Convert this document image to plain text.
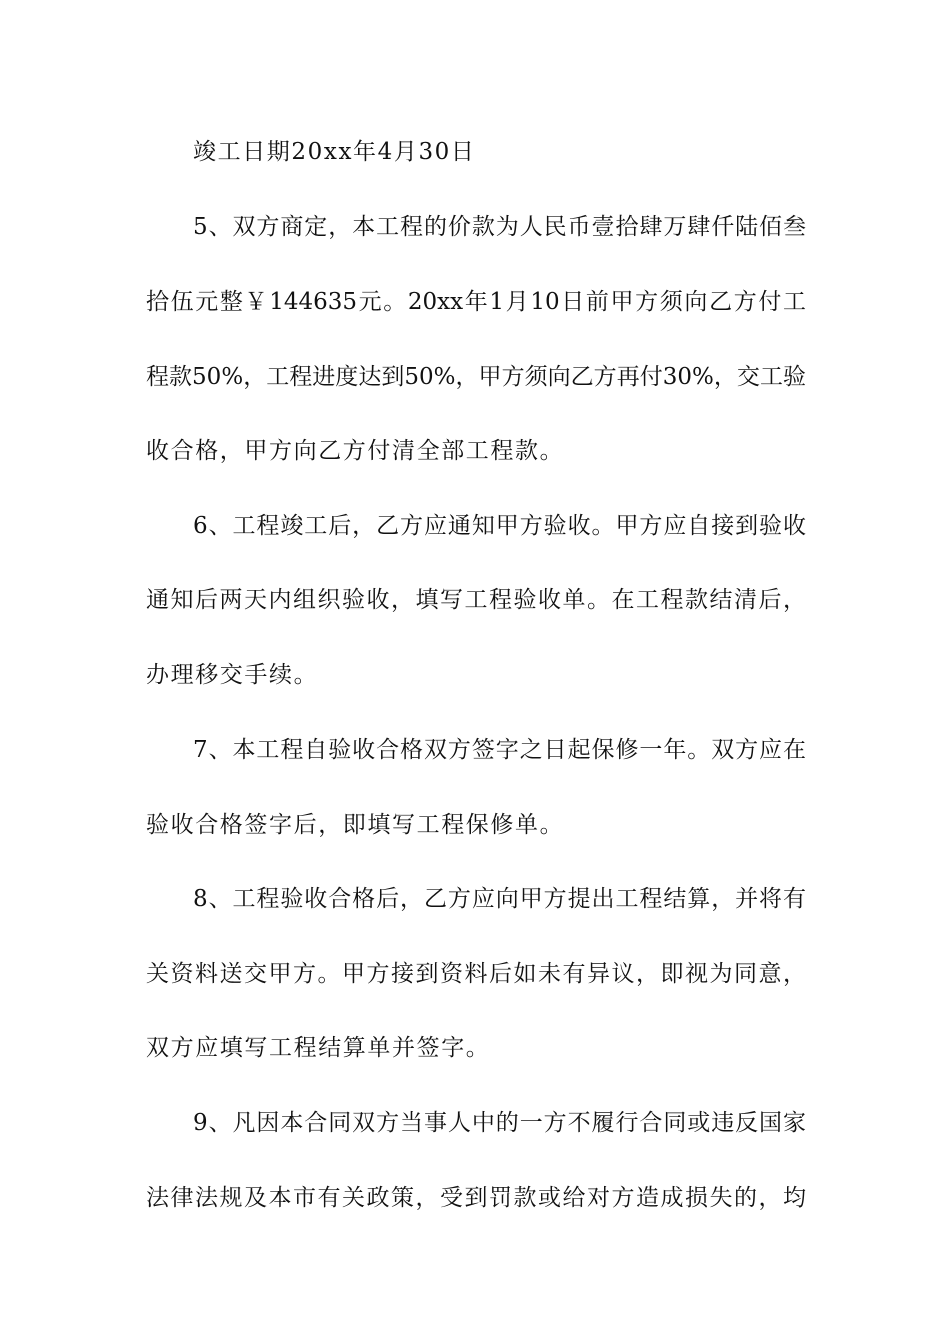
竣工日期20xx年4月30日
5、双方商定，本工程的价款为人民币壹拾肆万肆仟陆佰叁
拾伍元整￥144635元。20xx年1月10日前甲方须向乙方付工
程款50%，工程进度达到50%，甲方须向乙方再付30%，交工验
收合格，甲方向乙方付清全部工程款。
6、工程竣工后，乙方应通知甲方验收。甲方应自接到验收
通知后两天内组织验收，填写工程验收单。在工程款结清后，
办理移交手续。
7、本工程自验收合格双方签字之日起保修一年。双方应在
验收合格签字后，即填写工程保修单。
8、工程验收合格后，乙方应向甲方提出工程结算，并将有
关资料送交甲方。甲方接到资料后如未有异议，即视为同意，
双方应填写工程结算单并签字。
9、凡因本合同双方当事人中的一方不履行合同或违反国家
法律法规及本市有关政策，受到罚款或给对方造成损失的，均
